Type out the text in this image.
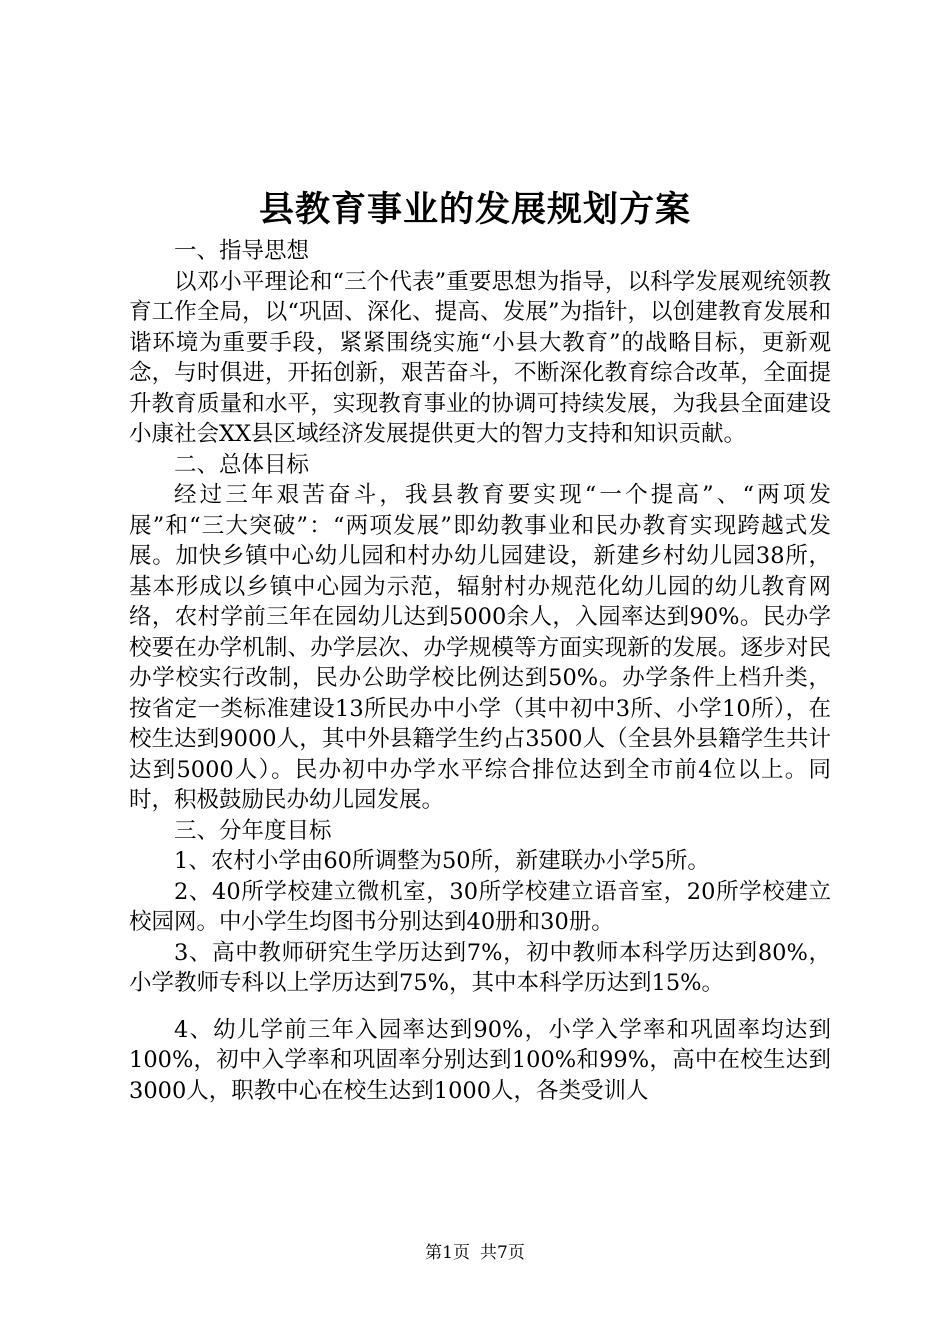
县教育事业的发展规划方案

一、指导思想

以邓小平理论和“三个代表”重要思想为指导，以科学发展观统领教育工作全局，以“巩固、深化、提高、发展”为指针，以创建教育发展和谐环境为重要手段，紧紧围绕实施“小县大教育”的战略目标，更新观念，与时俱进，开拓创新，艰苦奋斗，不断深化教育综合改革，全面提升教育质量和水平，实现教育事业的协调可持续发展，为我县全面建设小康社会XX县区域经济发展提供更大的智力支持和知识贡献。

二、总体目标

经过三年艰苦奋斗，我县教育要实现“一个提高”、“两项发展”和“三大突破”：“两项发展”即幼教事业和民办教育实现跨越式发展。加快乡镇中心幼儿园和村办幼儿园建设，新建乡村幼儿园38所，基本形成以乡镇中心园为示范，辐射村办规范化幼儿园的幼儿教育网络，农村学前三年在园幼儿达到5000余人，入园率达到90%。民办学校要在办学机制、办学层次、办学规模等方面实现新的发展。逐步对民办学校实行改制，民办公助学校比例达到50%。办学条件上档升类，按省定一类标准建设13所民办中小学（其中初中3所、小学10所），在校生达到9000人，其中外县籍学生约占3500人（全县外县籍学生共计达到5000人）。民办初中办学水平综合排位达到全市前4位以上。同时，积极鼓励民办幼儿园发展。

三、分年度目标

1、农村小学由60所调整为50所，新建联办小学5所。

2、40所学校建立微机室，30所学校建立语音室，20所学校建立校园网。中小学生均图书分别达到40册和30册。

3、高中教师研究生学历达到7%，初中教师本科学历达到80%，小学教师专科以上学历达到75%，其中本科学历达到15%。

4、幼儿学前三年入园率达到90%，小学入学率和巩固率均达到100%，初中入学率和巩固率分别达到100%和99%，高中在校生达到3000人，职教中心在校生达到1000人，各类受训人

第1页 共7页
